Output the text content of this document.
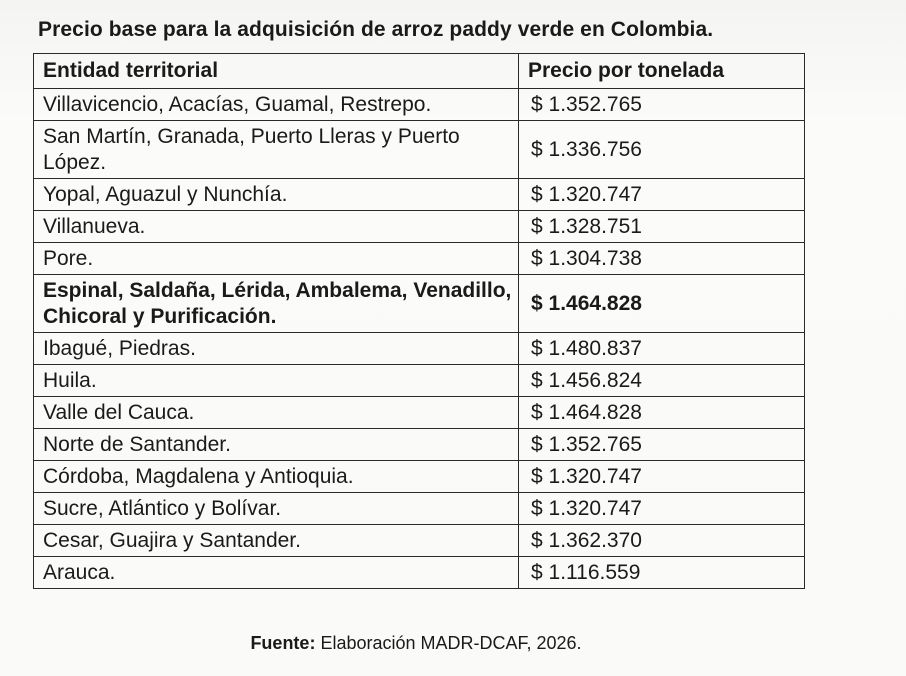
Precio base para la adquisición de arroz paddy verde en Colombia.
Entidad territorial	Precio por tonelada
Villavicencio, Acacías, Guamal, Restrepo.	$ 1.352.765
San Martín, Granada, Puerto Lleras y Puerto López.	$ 1.336.756
Yopal, Aguazul y Nunchía.	$ 1.320.747
Villanueva.	$ 1.328.751
Pore.	$ 1.304.738
Espinal, Saldaña, Lérida, Ambalema, Venadillo, Chicoral y Purificación.	$ 1.464.828
Ibagué, Piedras.	$ 1.480.837
Huila.	$ 1.456.824
Valle del Cauca.	$ 1.464.828
Norte de Santander.	$ 1.352.765
Córdoba, Magdalena y Antioquia.	$ 1.320.747
Sucre, Atlántico y Bolívar.	$ 1.320.747
Cesar, Guajira y Santander.	$ 1.362.370
Arauca.	$ 1.116.559
Fuente: Elaboración MADR-DCAF, 2026.
